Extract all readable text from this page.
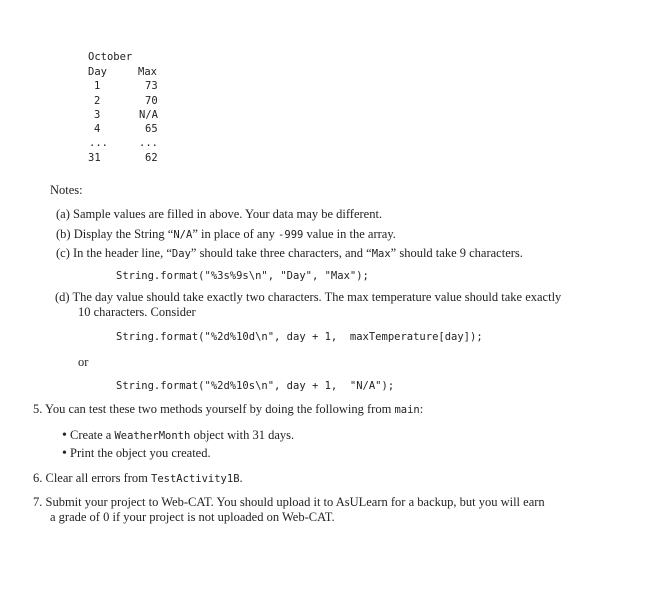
October
Day	Max
1	73
2	70
3	N/A
4	65
...	...
31	62
Notes:
(a) Sample values are filled in above. Your data may be different.
(b) Display the String “N/A” in place of any -999 value in the array.
(c) In the header line, “Day” should take three characters, and “Max” should take 9 characters.
String.format("%3s%9s\n", "Day", "Max");
(d) The day value should take exactly two characters. The max temperature value should take exactly
10 characters. Consider
String.format("%2d%10d\n", day + 1,  maxTemperature[day]);
or
String.format("%2d%10s\n", day + 1,  "N/A");
5. You can test these two methods yourself by doing the following from main:
• Create a WeatherMonth object with 31 days.
• Print the object you created.
6. Clear all errors from TestActivity1B.
7. Submit your project to Web-CAT. You should upload it to AsULearn for a backup, but you will earn
a grade of 0 if your project is not uploaded on Web-CAT.
